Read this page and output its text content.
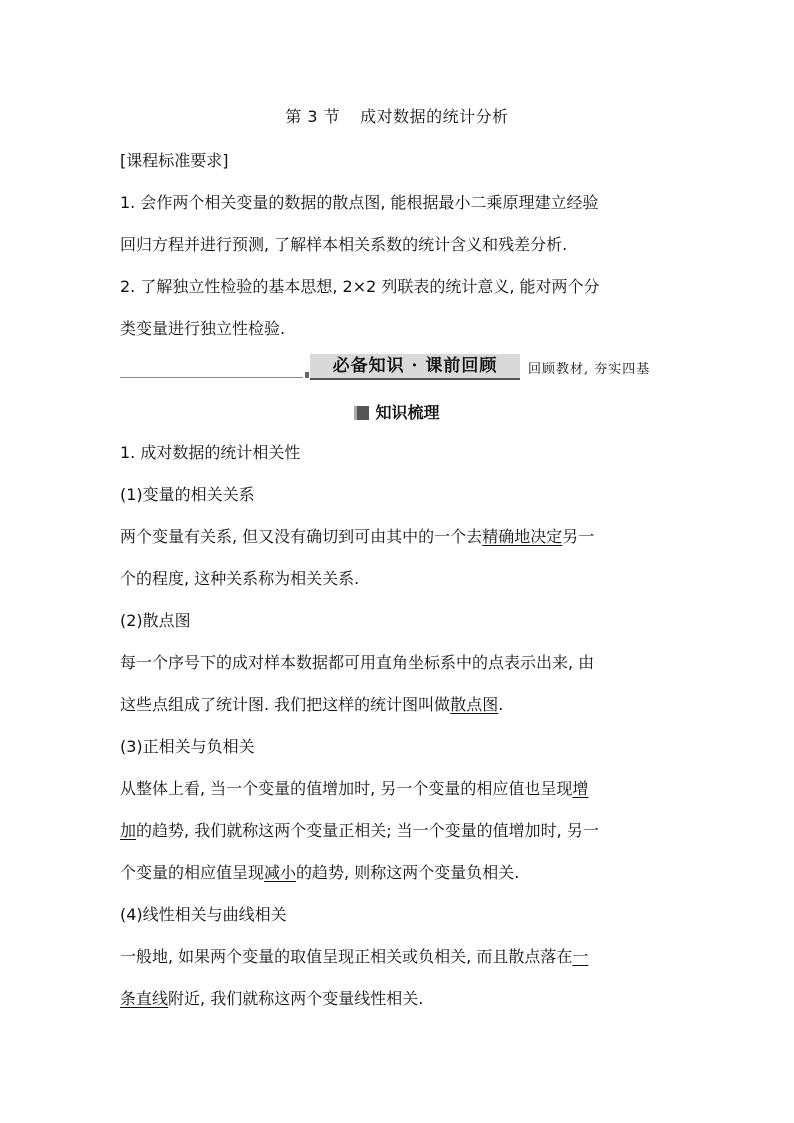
第 3 节 成对数据的统计分析
[课程标准要求]
1. 会作两个相关变量的数据的散点图, 能根据最小二乘原理建立经验
回归方程并进行预测, 了解样本相关系数的统计含义和残差分析.
2. 了解独立性检验的基本思想, 2×2 列联表的统计意义, 能对两个分
类变量进行独立性检验.
必备知识 · 课前回顾	回顾教材, 夯实四基
知识梳理
1. 成对数据的统计相关性
(1)变量的相关关系
两个变量有关系, 但又没有确切到可由其中的一个去精确地决定另一
个的程度, 这种关系称为相关关系.
(2)散点图
每一个序号下的成对样本数据都可用直角坐标系中的点表示出来, 由
这些点组成了统计图. 我们把这样的统计图叫做散点图.
(3)正相关与负相关
从整体上看, 当一个变量的值增加时, 另一个变量的相应值也呈现增
加的趋势, 我们就称这两个变量正相关; 当一个变量的值增加时, 另一
个变量的相应值呈现减小的趋势, 则称这两个变量负相关.
(4)线性相关与曲线相关
一般地, 如果两个变量的取值呈现正相关或负相关, 而且散点落在一
条直线附近, 我们就称这两个变量线性相关.
